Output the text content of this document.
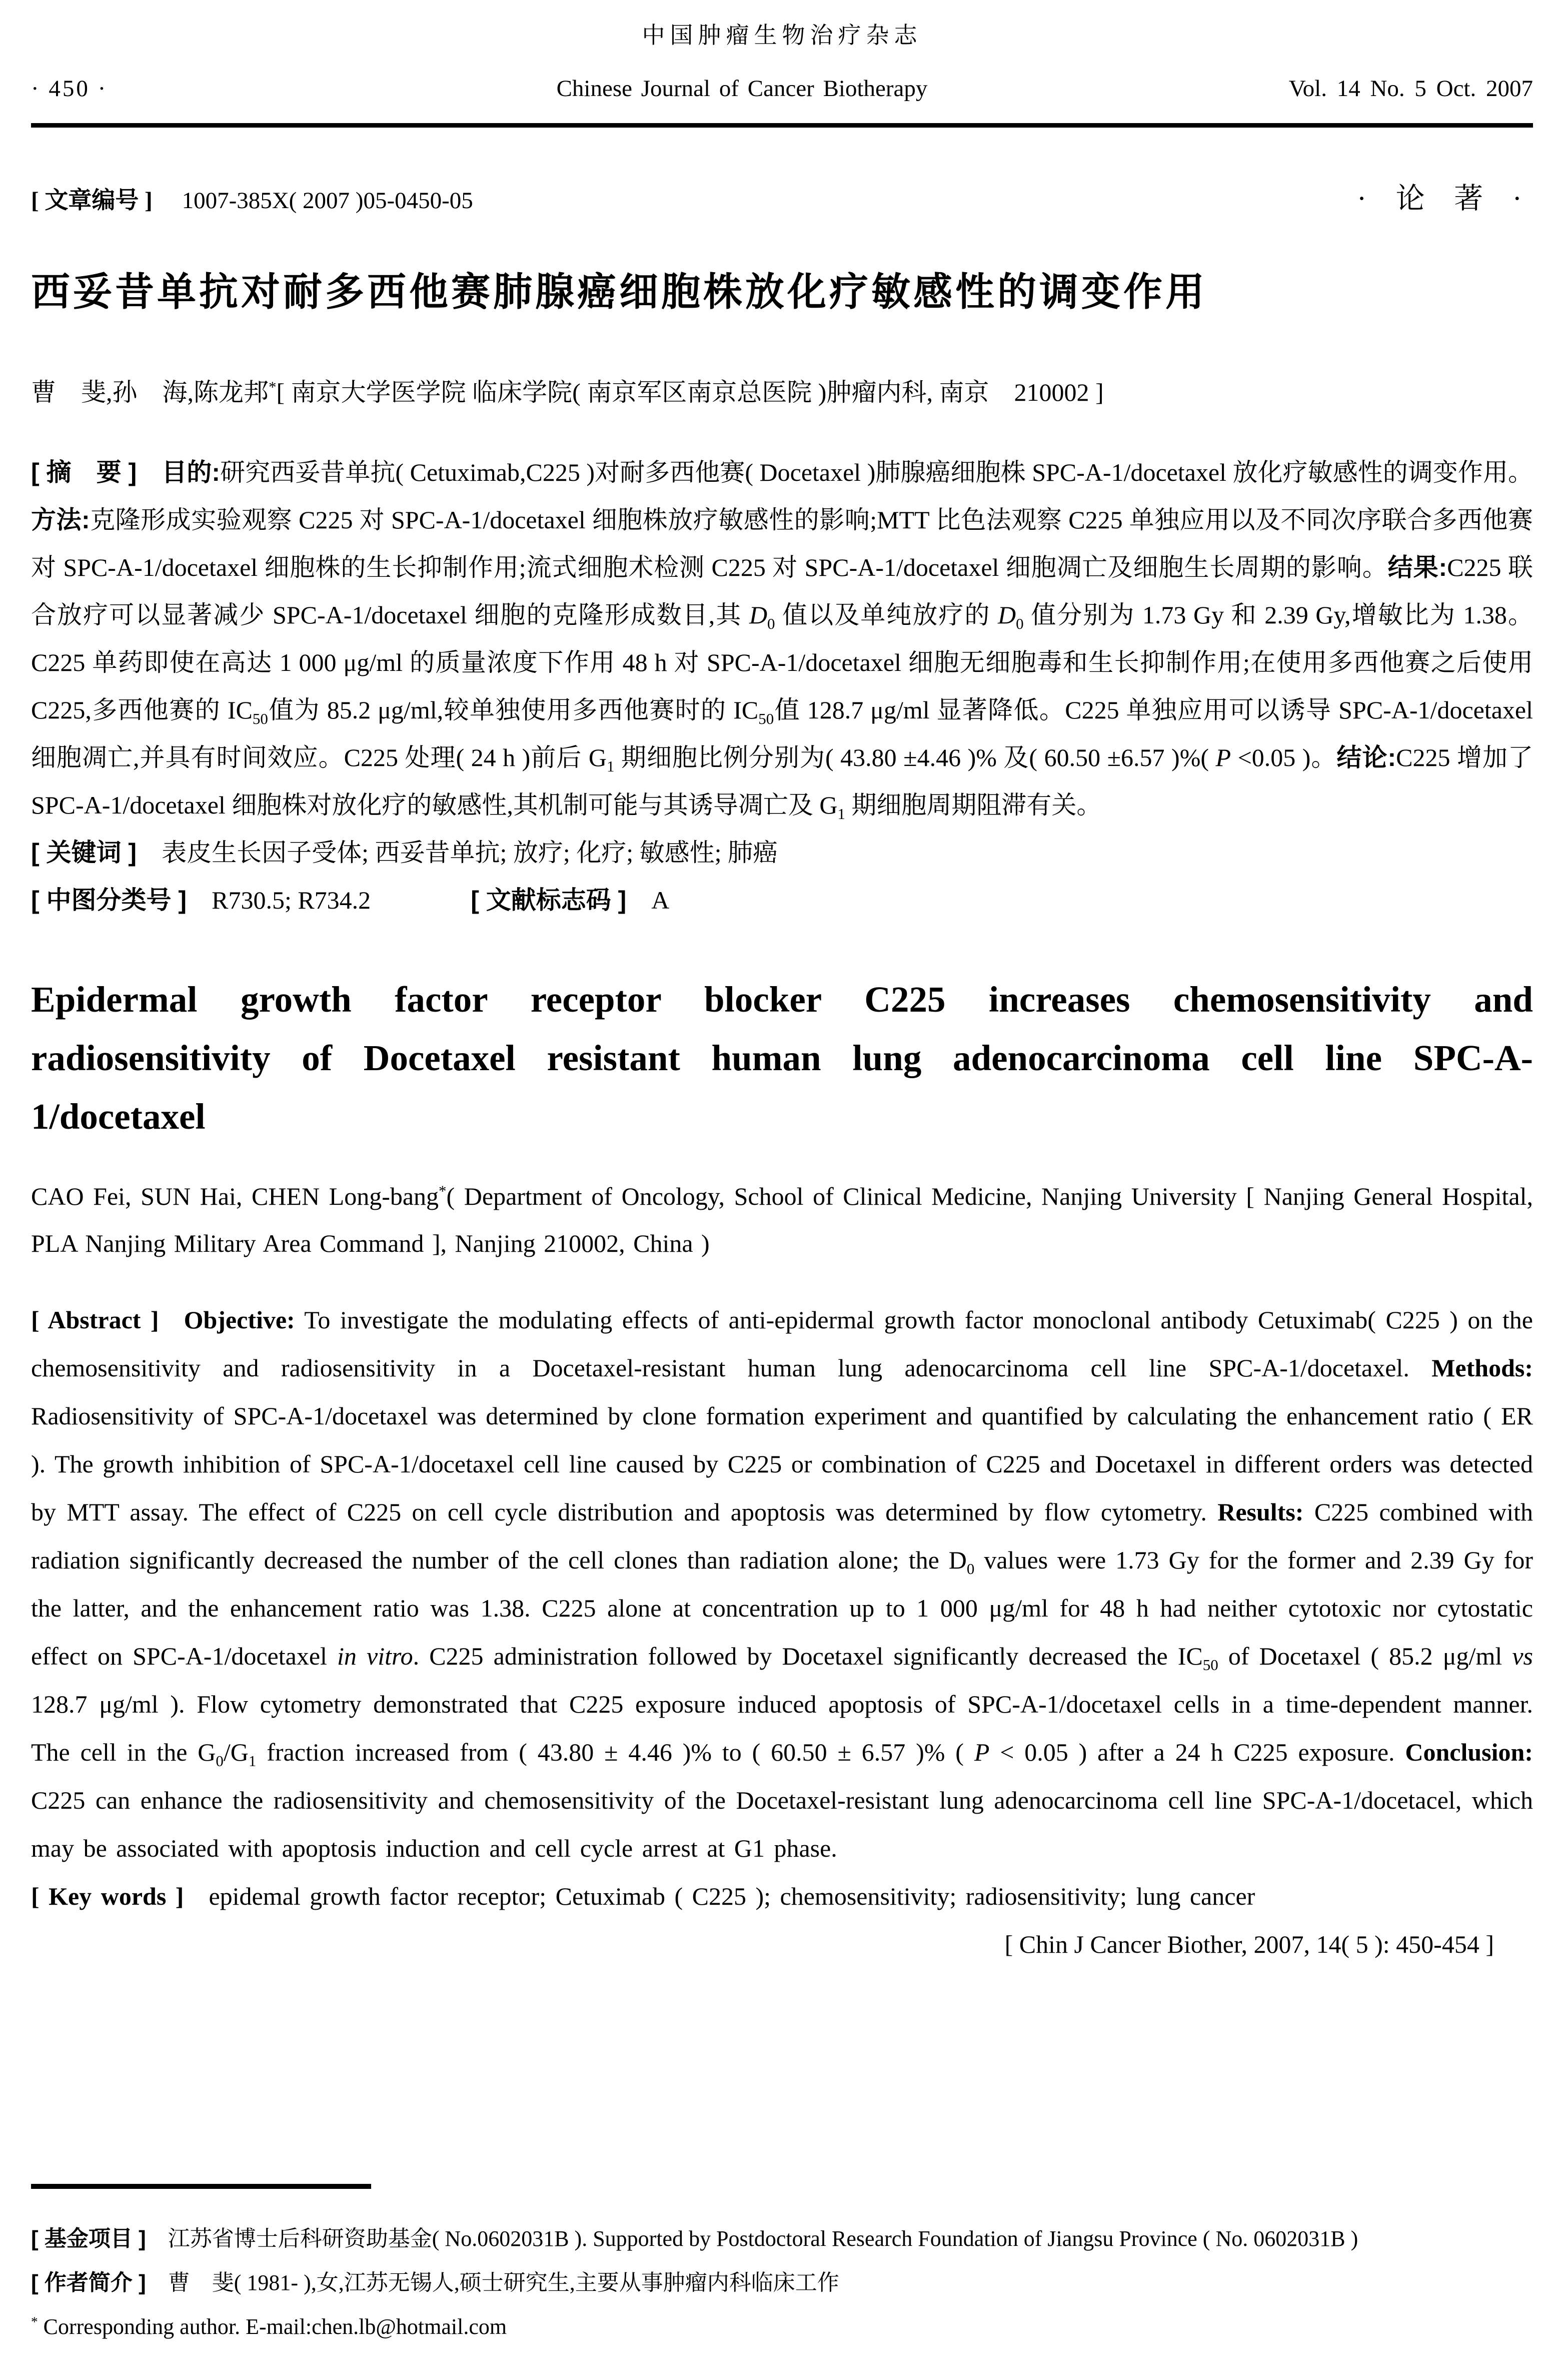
中国肿瘤生物治疗杂志
· 450 ·	Chinese Journal of Cancer Biotherapy	Vol. 14 No. 5 Oct. 2007
[ 文章编号 ]  1007-385X( 2007 )05-0450-05	· 论 著 ·
西妥昔单抗对耐多西他赛肺腺癌细胞株放化疗敏感性的调变作用

曹　斐,孙　海,陈龙邦*[ 南京大学医学院 临床学院( 南京军区南京总医院 )肿瘤内科, 南京　210002 ]

[ 摘　要 ]  目的:研究西妥昔单抗( Cetuximab,C225 )对耐多西他赛( Docetaxel )肺腺癌细胞株 SPC-A-1/docetaxel 放化疗敏感性的调变作用。方法:克隆形成实验观察 C225 对 SPC-A-1/docetaxel 细胞株放疗敏感性的影响;MTT 比色法观察 C225 单独应用以及不同次序联合多西他赛对 SPC-A-1/docetaxel 细胞株的生长抑制作用;流式细胞术检测 C225 对 SPC-A-1/docetaxel 细胞凋亡及细胞生长周期的影响。结果:C225 联合放疗可以显著减少 SPC-A-1/docetaxel 细胞的克隆形成数目,其 $D_0$ 值以及单纯放疗的 $D_0$ 值分别为 1.73 Gy 和 2.39 Gy,增敏比为 1.38。C225 单药即使在高达 1 000 μg/ml 的质量浓度下作用 48 h 对 SPC-A-1/docetaxel 细胞无细胞毒和生长抑制作用;在使用多西他赛之后使用 C225,多西他赛的 $IC_{50}$值为 85.2 μg/ml,较单独使用多西他赛时的 $IC_{50}$值 128.7 μg/ml 显著降低。C225 单独应用可以诱导 SPC-A-1/docetaxel 细胞凋亡,并具有时间效应。C225 处理( 24 h )前后 $G_1$ 期细胞比例分别为( 43.80 ±4.46 )% 及( 60.50 ±6.57 )%( P <0.05 )。结论:C225 增加了 SPC-A-1/docetaxel 细胞株对放化疗的敏感性,其机制可能与其诱导凋亡及 $G_1$ 期细胞周期阻滞有关。

[ 关键词 ] 表皮生长因子受体; 西妥昔单抗; 放疗; 化疗; 敏感性; 肺癌

[ 中图分类号 ] R730.5; R734.2　　　　	[ 文献标志码 ] A

Epidermal growth factor receptor blocker C225 increases chemosensitivity and radiosensitivity of Docetaxel resistant human lung adenocarcinoma cell line SPC-A-1/docetaxel

CAO Fei, SUN Hai, CHEN Long-bang*( Department of Oncology, School of Clinical Medicine, Nanjing University [ Nanjing General Hospital, PLA Nanjing Military Area Command ], Nanjing 210002, China )

[ Abstract ]  Objective: To investigate the modulating effects of anti-epidermal growth factor monoclonal antibody Cetuximab( C225 ) on the chemosensitivity and radiosensitivity in a Docetaxel-resistant human lung adenocarcinoma cell line SPC-A-1/docetaxel. Methods: Radiosensitivity of SPC-A-1/docetaxel was determined by clone formation experiment and quantified by calculating the enhancement ratio ( ER ). The growth inhibition of SPC-A-1/docetaxel cell line caused by C225 or combination of C225 and Docetaxel in different orders was detected by MTT assay. The effect of C225 on cell cycle distribution and apoptosis was determined by flow cytometry. Results: C225 combined with radiation significantly decreased the number of the cell clones than radiation alone; the $D_0$ values were 1.73 Gy for the former and 2.39 Gy for the latter, and the enhancement ratio was 1.38. C225 alone at concentration up to 1 000 μg/ml for 48 h had neither cytotoxic nor cytostatic effect on SPC-A-1/docetaxel in vitro. C225 administration followed by Docetaxel significantly decreased the $IC_{50}$ of Docetaxel ( 85.2 μg/ml vs 128.7 μg/ml ). Flow cytometry demonstrated that C225 exposure induced apoptosis of SPC-A-1/docetaxel cells in a time-dependent manner. The cell in the $G_0/G_1$ fraction increased from ( 43.80 ± 4.46 )% to ( 60.50 ± 6.57 )% ( P < 0.05 ) after a 24 h C225 exposure. Conclusion: C225 can enhance the radiosensitivity and chemosensitivity of the Docetaxel-resistant lung adenocarcinoma cell line SPC-A-1/docetacel, which may be associated with apoptosis induction and cell cycle arrest at G1 phase.

[ Key words ] epidemal growth factor receptor; Cetuximab ( C225 ); chemosensitivity; radiosensitivity; lung cancer

[ Chin J Cancer Biother, 2007, 14( 5 ): 450-454 ]

[ 基金项目 ] 江苏省博士后科研资助基金( No.0602031B ). Supported by Postdoctoral Research Foundation of Jiangsu Province ( No. 0602031B )

[ 作者简介 ] 曹　斐( 1981- ),女,江苏无锡人,硕士研究生,主要从事肿瘤内科临床工作

* Corresponding author. E-mail:chen.lb@hotmail.com
